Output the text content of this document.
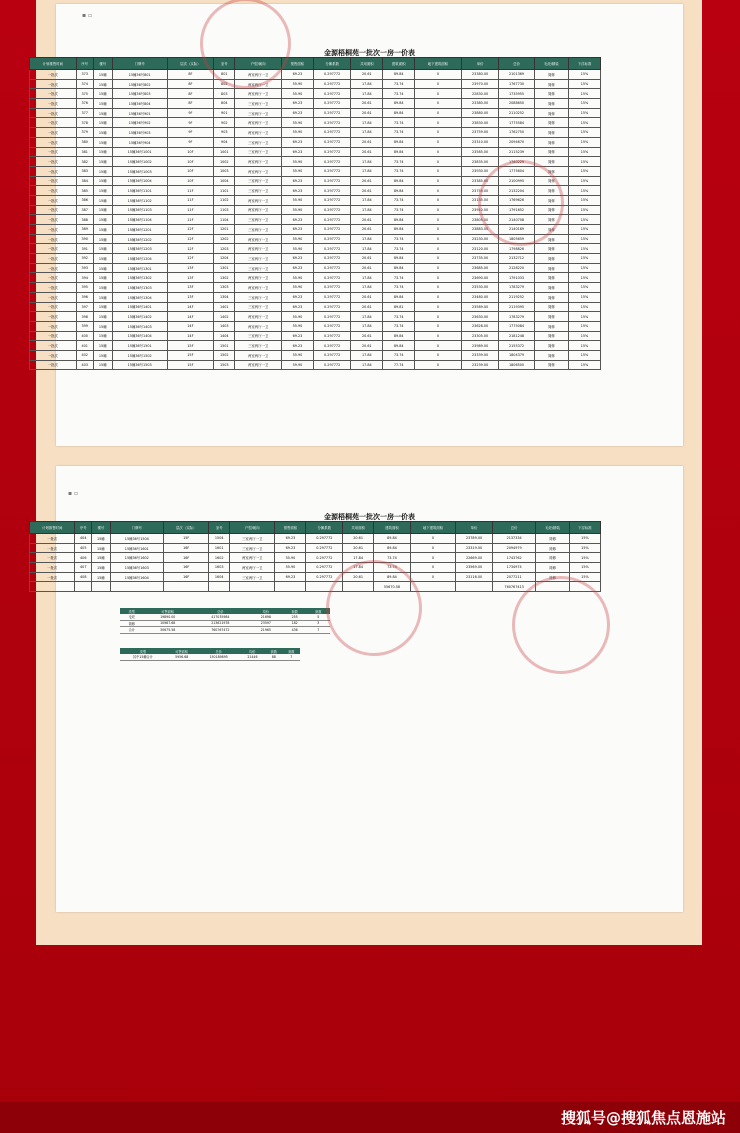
金源梧桐苑一批次一房一价表
▪ ▫
计划推售时间	序号	楼号	门牌号	层次（实际）	室号	户型/朝向	预售面积	分摊系数	共用面积	建筑面积	地下建筑面积	单价	总价	毛坯/精装	下浮标准
一批次	373	15幢	15幢36号801	8F	801	两室两厅一卫	69.23	0.297772	20.61	89.84	0	23380.00	2101369	简修	15%
一批次	374	15幢	15幢36号802	8F	802	两室两厅一卫	55.90	0.297772	17.84	73.74	0	23970.00	1767730	简修	15%
一批次	375	15幢	15幢36号803	8F	803	两室两厅一卫	55.90	0.297772	17.84	73.74	0	22830.00	1735955	简修	15%
一批次	376	15幢	15幢36号804	8F	804	三室两厅一卫	69.23	0.297772	20.61	89.84	0	23380.00	2088650	简修	15%
一批次	377	15幢	15幢36号901	9F	901	三室两厅一卫	69.23	0.297772	20.61	89.84	0	23880.00	2110252	简修	15%
一批次	378	15幢	15幢36号902	9F	902	两室两厅一卫	55.90	0.297772	17.84	73.74	0	23830.00	1775584	简修	15%
一批次	379	15幢	15幢36号903	9F	903	两室两厅一卫	55.90	0.297772	17.84	73.74	0	23759.00	1762750	简修	15%
一批次	380	15幢	15幢36号904	9F	904	三室两厅一卫	69.23	0.297772	20.61	89.84	0	23310.00	2094670	简修	15%
一批次	381	15幢	15幢36号1001	10F	1001	三室两厅一卫	69.23	0.297772	20.61	89.84	0	23585.00	2115239	简修	15%
一批次	382	15幢	15幢36号1002	10F	1002	两室两厅一卫	55.90	0.297772	17.84	73.74	0	23835.00	1760229	简修	15%
一批次	383	15幢	15幢36号1003	10F	1003	两室两厅一卫	55.90	0.297772	17.84	73.74	0	23930.00	1775604	简修	15%
一批次	384	15幢	15幢36号1004	10F	1004	三室两厅一卫	69.23	0.297772	20.61	89.84	0	23385.00	2100995	简修	15%
一批次	385	15幢	15幢36号1101	11F	1101	三室两厅一卫	69.23	0.297772	20.61	89.84	0	23755.00	2132204	简修	15%
一批次	386	15幢	15幢36号1102	11F	1102	两室两厅一卫	55.90	0.297772	17.84	73.74	0	23135.00	1769626	简修	15%
一批次	387	15幢	15幢36号1103	11F	1103	两室两厅一卫	55.90	0.297772	17.84	73.74	0	23910.00	1791652	简修	15%
一批次	388	15幢	15幢36号1104	11F	1104	三室两厅一卫	69.23	0.297772	20.61	89.84	0	23805.00	2140708	简修	15%
一批次	389	15幢	15幢36号1201	12F	1201	三室两厅一卫	69.23	0.297772	20.61	89.84	0	23883.00	2140169	简修	15%
一批次	390	15幢	15幢36号1202	12F	1202	两室两厅一卫	55.90	0.297772	17.84	73.74	0	23230.00	1805659	简修	15%
一批次	391	15幢	15幢36号1203	12F	1203	两室两厅一卫	55.90	0.297772	17.84	73.74	0	23120.00	1798826	简修	15%
一批次	392	15幢	15幢36号1204	12F	1204	三室两厅一卫	69.23	0.297772	20.61	89.84	0	23735.00	2132712	简修	15%
一批次	393	15幢	15幢36号1301	13F	1301	三室两厅一卫	69.23	0.297772	20.61	89.84	0	23685.00	2128220	简修	15%
一批次	394	15幢	15幢36号1302	13F	1302	两室两厅一卫	55.90	0.297772	17.84	73.74	0	23690.00	1791033	简修	15%
一批次	395	15幢	15幢36号1303	13F	1303	两室两厅一卫	55.90	0.297772	17.84	73.74	0	23530.00	1783279	简修	15%
一批次	396	15幢	15幢36号1304	13F	1304	三室两厅一卫	69.23	0.297772	20.61	89.84	0	23480.00	2119252	简修	15%
一批次	397	15幢	15幢36号1401	14F	1401	三室两厅一卫	69.23	0.297772	20.61	89.81	0	23589.00	2119395	简修	15%
一批次	398	15幢	15幢36号1402	14F	1402	两室两厅一卫	55.90	0.297772	17.84	73.74	0	23630.00	1783279	简修	15%
一批次	399	15幢	15幢36号1403	14F	1403	两室两厅一卫	55.90	0.297772	17.84	73.74	0	23628.00	1775084	简修	15%
一批次	400	15幢	15幢36号1404	14F	1404	三室两厅一卫	69.23	0.297772	20.61	89.84	0	23305.00	2181248	简修	15%
一批次	401	15幢	15幢36号1501	15F	1501	三室两厅一卫	69.23	0.297772	20.61	89.84	0	23989.00	2155372	简修	15%
一批次	402	15幢	15幢36号1502	15F	1502	两室两厅一卫	55.90	0.297772	17.84	73.74	0	23339.00	1804379	简修	15%
一批次	403	15幢	15幢36号1503	15F	1503	两室两厅一卫	59.90	0.297772	17.84	77.74	0	23239.00	1806500	简修	15%
金源梧桐苑一批次一房一价表
▪ ▫
计划推售时间	序号	楼号	门牌号	层次（实际）	室号	户型/朝向	预售面积	分摊系数	共用面积	建筑面积	地下建筑面积	单价	总价	毛坯/精装	下浮标准
一批次	404	15幢	15幢36号1504	15F	1504	三室两厅一卫	69.23	0.297772	20.61	89.84	0	23789.00	2137334	简修	15%
一批次	405	15幢	15幢36号1601	16F	1601	三室两厅一卫	69.23	0.297772	20.61	89.84	0	23319.00	2094979	简修	15%
一批次	406	15幢	15幢36号1602	16F	1602	两室两厅一卫	55.90	0.297772	17.84	73.74	0	22669.00	1743762	简修	15%
一批次	407	15幢	15幢36号1603	16F	1603	两室两厅一卫	55.90	0.297772	17.84	73.74	0	23569.00	1734974	简修	15%
一批次	408	15幢	15幢36号1604	16F	1604	三室两厅一卫	69.23	0.297772	20.61	89.84	0	23116.00	2077211	简修	15%
										55670.58			760767413		
类型	可售面积	总价	均价	套数	套数
毛坯	19890.00	417035984	21698	255	5
简修	10987.68	213621978	23597	182	3
合计	30675.58	760767472	21965	436	7
类型	可售面积	总价	均价	套数	套数
其中15幢合计	5956.68	150189895	21446	88	7
搜狐号@搜狐焦点恩施站
